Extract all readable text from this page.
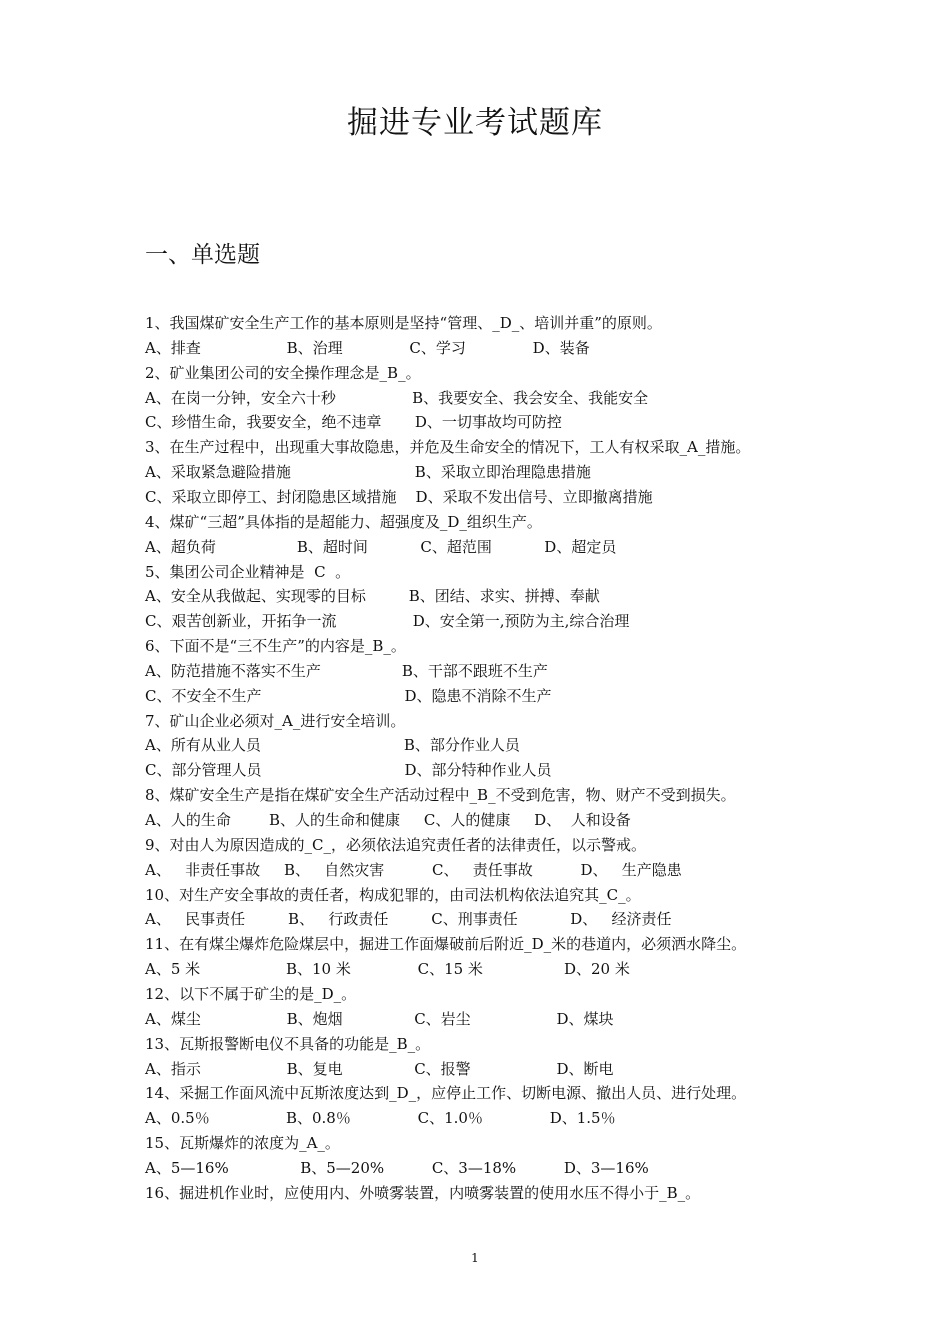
掘进专业考试题库
一、单选题
1、我国煤矿安全生产工作的基本原则是坚持“管理、_D_、培训并重”的原则。
A、排查                  B、治理              C、学习              D、装备
2、矿业集团公司的安全操作理念是_B_。
A、在岗一分钟，安全六十秒                B、我要安全、我会安全、我能安全
C、珍惜生命，我要安全，绝不违章       D、一切事故均可防控
3、在生产过程中，出现重大事故隐患，并危及生命安全的情况下，工人有权采取_A_措施。
A、采取紧急避险措施                          B、采取立即治理隐患措施
C、采取立即停工、封闭隐患区域措施    D、采取不发出信号、立即撤离措施
4、煤矿“三超”具体指的是超能力、超强度及_D_组织生产。
A、超负荷                 B、超时间           C、超范围           D、超定员
5、集团公司企业精神是  C  。
A、安全从我做起、实现零的目标         B、团结、求实、拼搏、奉献
C、艰苦创新业，开拓争一流                D、安全第一,预防为主,综合治理
6、下面不是“三不生产”的内容是_B_。
A、防范措施不落实不生产                 B、干部不跟班不生产
C、不安全不生产                              D、隐患不消除不生产
7、矿山企业必须对_A_进行安全培训。
A、所有从业人员                              B、部分作业人员
C、部分管理人员                              D、部分特种作业人员
8、煤矿安全生产是指在煤矿安全生产活动过程中_B_不受到危害，物、财产不受到损失。
A、人的生命        B、人的生命和健康     C、人的健康     D、  人和设备
9、对由人为原因造成的_C_，必须依法追究责任者的法律责任，以示警戒。
A、   非责任事故     B、   自然灾害          C、   责任事故          D、   生产隐患
10、对生产安全事故的责任者，构成犯罪的，由司法机构依法追究其_C_。
A、   民事责任         B、   行政责任         C、刑事责任           D、   经济责任
11、在有煤尘爆炸危险煤层中，掘进工作面爆破前后附近_D_米的巷道内，必须洒水降尘。
A、5 米                  B、10 米              C、15 米                 D、20 米
12、以下不属于矿尘的是_D_。
A、煤尘                  B、炮烟               C、岩尘                  D、煤块
13、瓦斯报警断电仪不具备的功能是_B_。
A、指示                  B、复电               C、报警                  D、断电
14、采掘工作面风流中瓦斯浓度达到_D_，应停止工作、切断电源、撤出人员、进行处理。
A、0.5％                B、0.8％              C、1.0％              D、1.5％
15、瓦斯爆炸的浓度为_A_。
A、5—16%               B、5—20%          C、3—18%          D、3—16%
16、掘进机作业时，应使用内、外喷雾装置，内喷雾装置的使用水压不得小于_B_。
1
